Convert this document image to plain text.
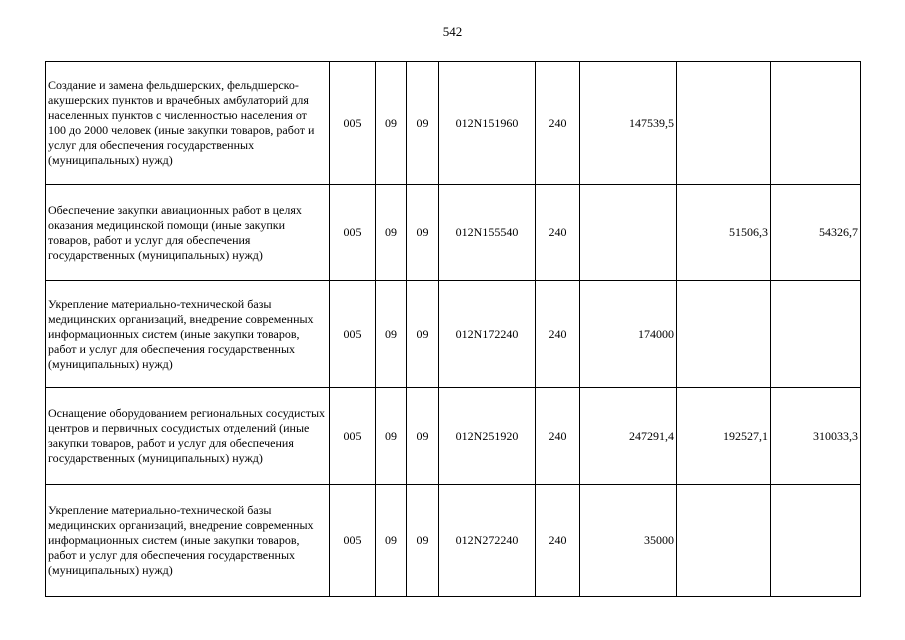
542
Создание и замена фельдшерских, фельдшерско-акушерских пунктов и врачебных амбулаторий для населенных пунктов с численностью населения от 100 до 2000 человек (иные закупки товаров, работ и услуг для обеспечения государственных (муниципальных) нужд)	005	09	09	012N151960	240	147539,5		
Обеспечение закупки авиационных работ в целях оказания медицинской помощи (иные закупки товаров, работ и услуг для обеспечения государственных (муниципальных) нужд)	005	09	09	012N155540	240		51506,3	54326,7
Укрепление материально-технической базы медицинских организаций, внедрение современных информационных систем (иные закупки товаров, работ и услуг для обеспечения государственных (муниципальных) нужд)	005	09	09	012N172240	240	174000		
Оснащение оборудованием региональных сосудистых центров и первичных сосудистых отделений (иные закупки товаров, работ и услуг для обеспечения государственных (муниципальных) нужд)	005	09	09	012N251920	240	247291,4	192527,1	310033,3
Укрепление материально-технической базы медицинских организаций, внедрение современных информационных систем (иные закупки товаров, работ и услуг для обеспечения государственных (муниципальных) нужд)	005	09	09	012N272240	240	35000		
